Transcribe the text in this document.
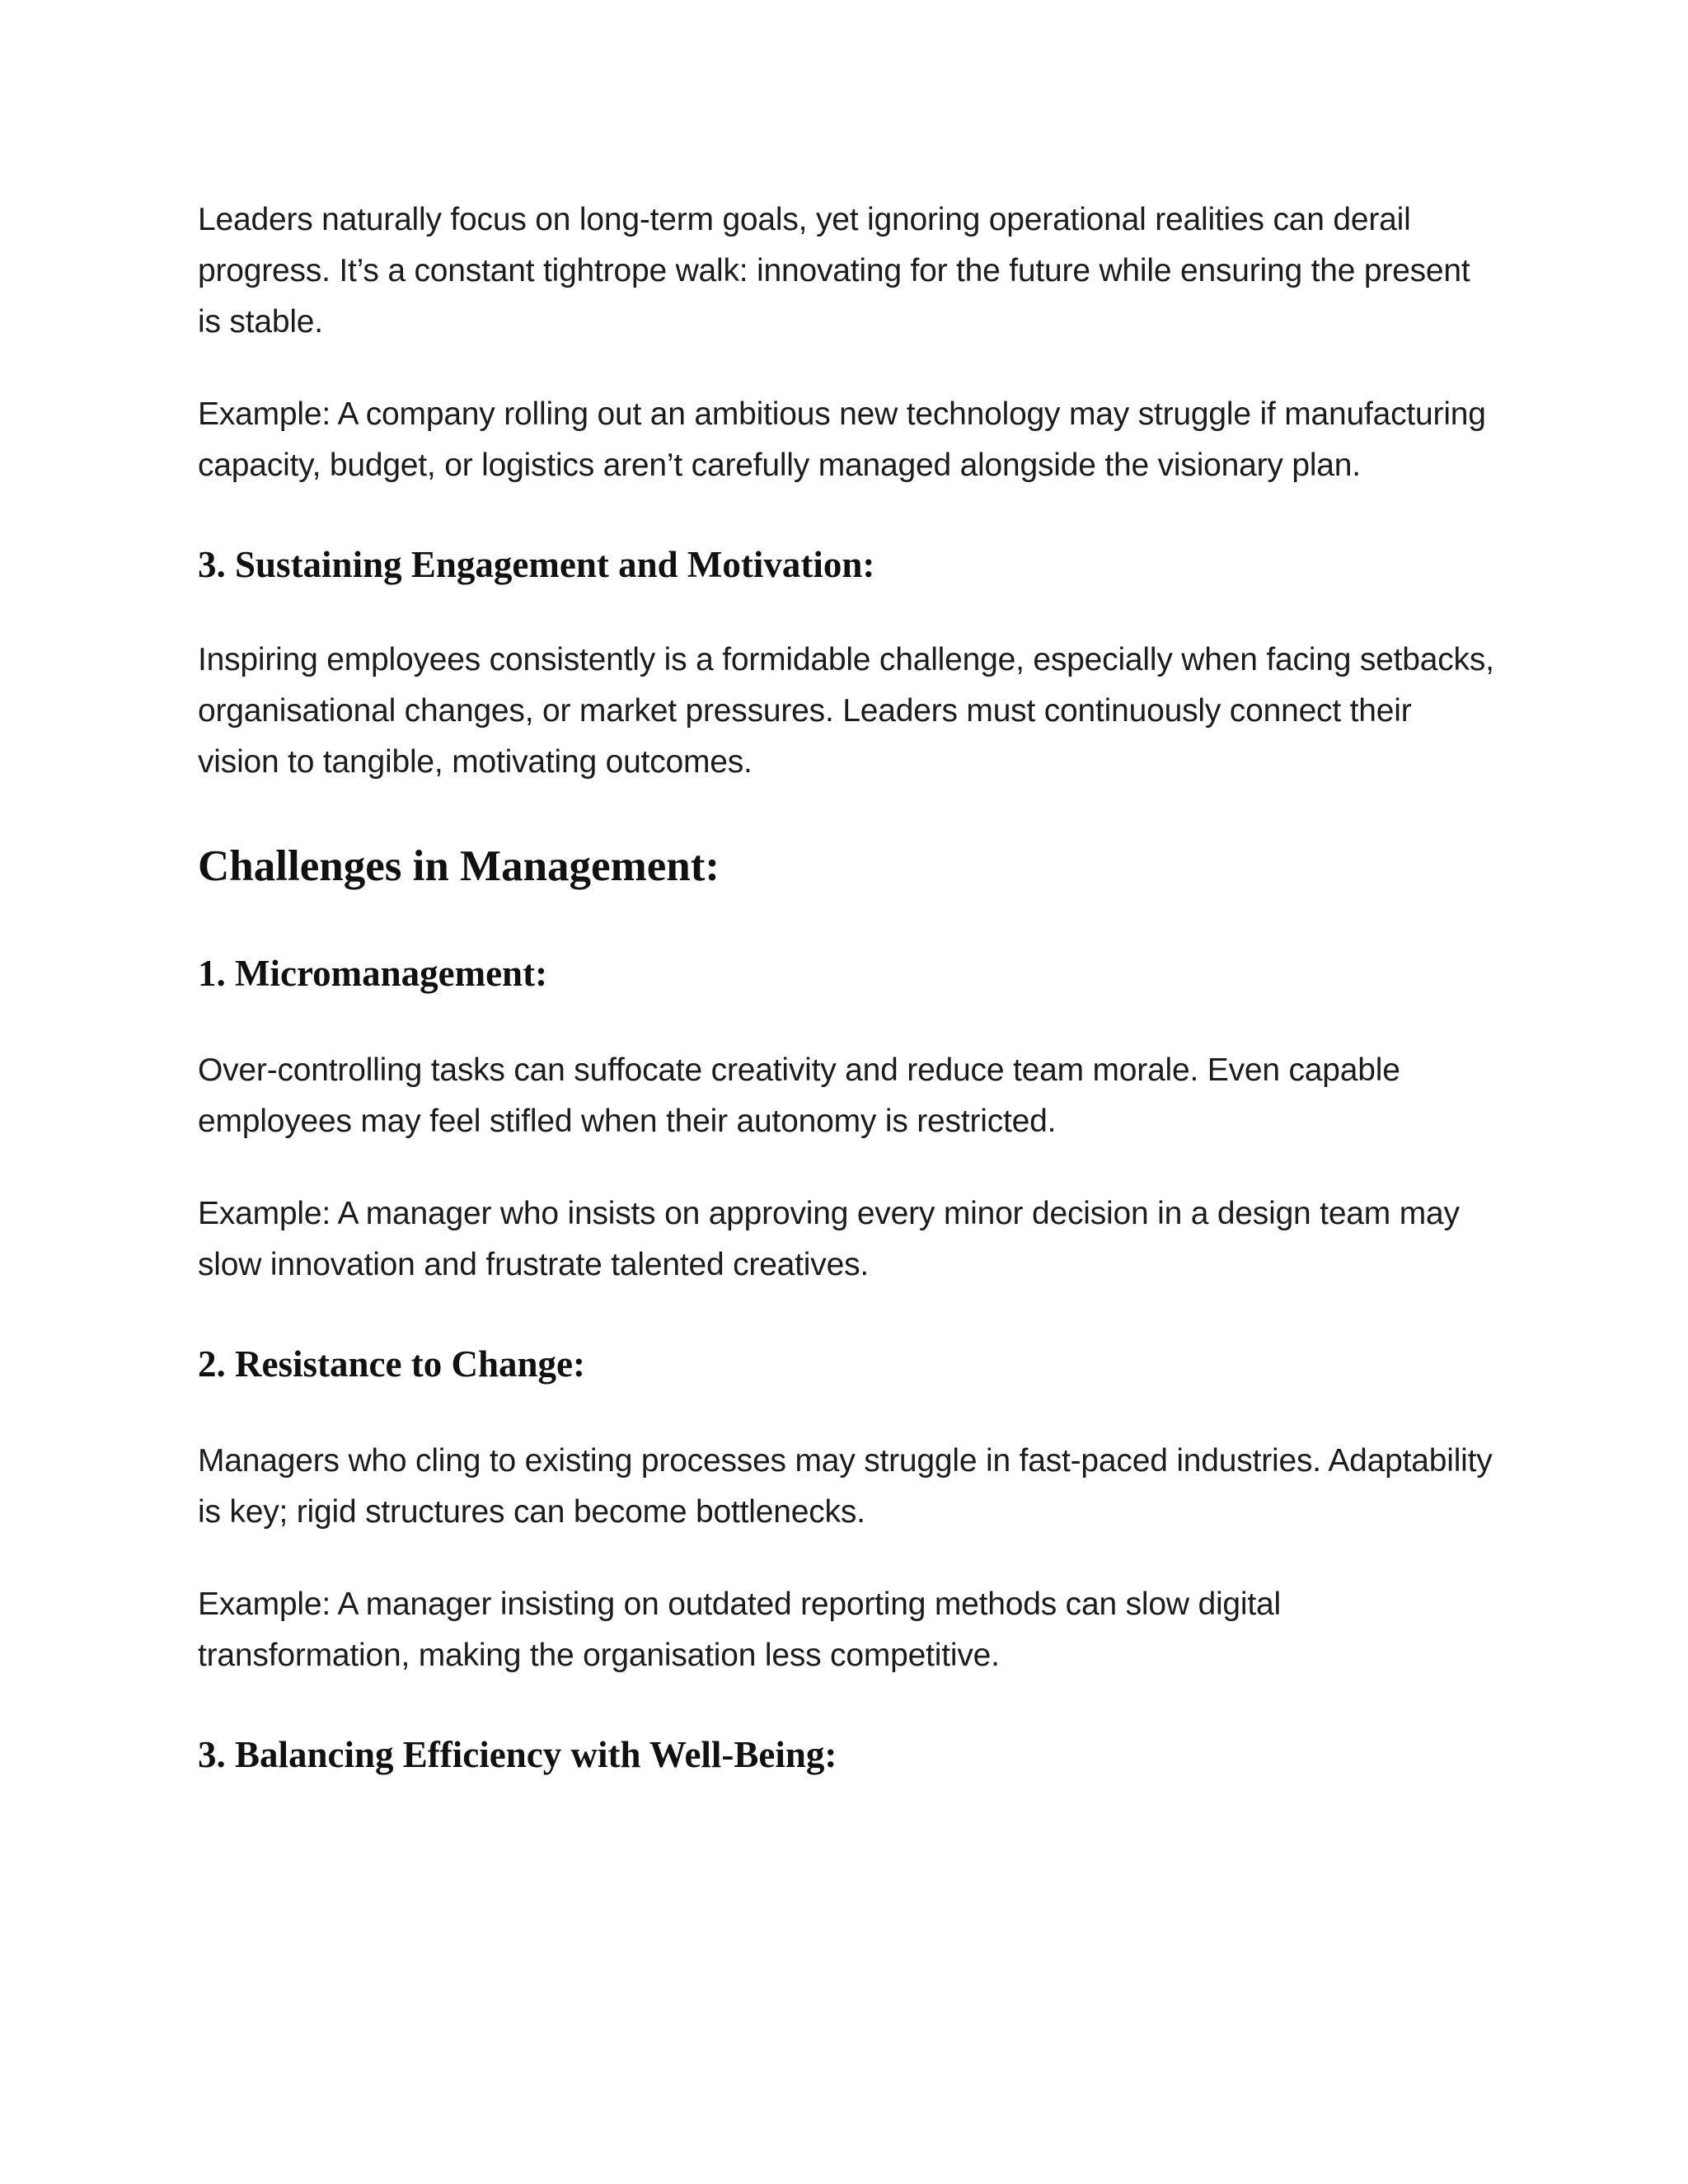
Leaders naturally focus on long-term goals, yet ignoring operational realities can derail progress. It’s a constant tightrope walk: innovating for the future while ensuring the present is stable.

Example: A company rolling out an ambitious new technology may struggle if manufacturing capacity, budget, or logistics aren’t carefully managed alongside the visionary plan.

3. Sustaining Engagement and Motivation:

Inspiring employees consistently is a formidable challenge, especially when facing setbacks, organisational changes, or market pressures. Leaders must continuously connect their vision to tangible, motivating outcomes.

Challenges in Management:
1. Micromanagement:

Over-controlling tasks can suffocate creativity and reduce team morale. Even capable employees may feel stifled when their autonomy is restricted.

Example: A manager who insists on approving every minor decision in a design team may slow innovation and frustrate talented creatives.

2. Resistance to Change:

Managers who cling to existing processes may struggle in fast-paced industries. Adaptability is key; rigid structures can become bottlenecks.

Example: A manager insisting on outdated reporting methods can slow digital transformation, making the organisation less competitive.

3. Balancing Efficiency with Well-Being:
